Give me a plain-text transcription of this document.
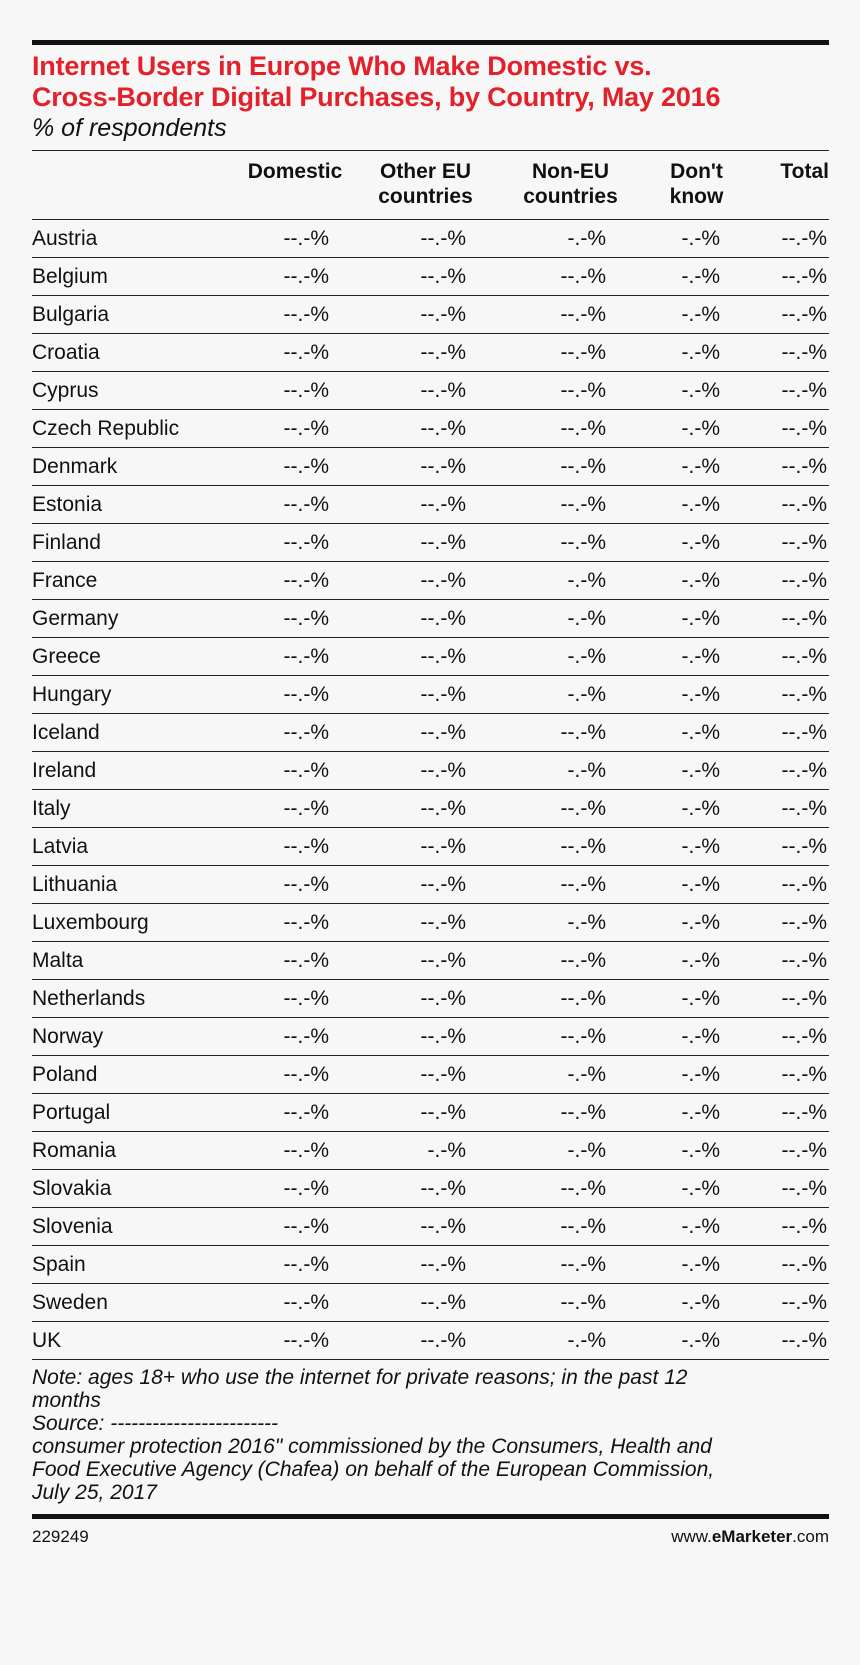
Internet Users in Europe Who Make Domestic vs.
Cross-Border Digital Purchases, by Country, May 2016
% of respondents
	Domestic	Other EU
countries	Non-EU
countries	Don't
know	Total

Austria	--.-%	--.-%	-.-%	-.-%	--.-%
Belgium	--.-%	--.-%	--.-%	-.-%	--.-%
Bulgaria	--.-%	--.-%	--.-%	-.-%	--.-%
Croatia	--.-%	--.-%	--.-%	-.-%	--.-%
Cyprus	--.-%	--.-%	--.-%	-.-%	--.-%
Czech Republic	--.-%	--.-%	--.-%	-.-%	--.-%
Denmark	--.-%	--.-%	--.-%	-.-%	--.-%
Estonia	--.-%	--.-%	--.-%	-.-%	--.-%
Finland	--.-%	--.-%	--.-%	-.-%	--.-%
France	--.-%	--.-%	-.-%	-.-%	--.-%
Germany	--.-%	--.-%	-.-%	-.-%	--.-%
Greece	--.-%	--.-%	-.-%	-.-%	--.-%
Hungary	--.-%	--.-%	-.-%	-.-%	--.-%
Iceland	--.-%	--.-%	--.-%	-.-%	--.-%
Ireland	--.-%	--.-%	-.-%	-.-%	--.-%
Italy	--.-%	--.-%	--.-%	-.-%	--.-%
Latvia	--.-%	--.-%	--.-%	-.-%	--.-%
Lithuania	--.-%	--.-%	--.-%	-.-%	--.-%
Luxembourg	--.-%	--.-%	-.-%	-.-%	--.-%
Malta	--.-%	--.-%	--.-%	-.-%	--.-%
Netherlands	--.-%	--.-%	--.-%	-.-%	--.-%
Norway	--.-%	--.-%	--.-%	-.-%	--.-%
Poland	--.-%	--.-%	-.-%	-.-%	--.-%
Portugal	--.-%	--.-%	--.-%	-.-%	--.-%
Romania	--.-%	-.-%	-.-%	-.-%	--.-%
Slovakia	--.-%	--.-%	--.-%	-.-%	--.-%
Slovenia	--.-%	--.-%	--.-%	-.-%	--.-%
Spain	--.-%	--.-%	--.-%	-.-%	--.-%
Sweden	--.-%	--.-%	--.-%	-.-%	--.-%
UK	--.-%	--.-%	-.-%	-.-%	--.-%
Note: ages 18+ who use the internet for private reasons; in the past 12
months
Source: ------------------------
consumer protection 2016" commissioned by the Consumers, Health and
Food Executive Agency (Chafea) on behalf of the European Commission,
July 25, 2017
229249	www.eMarketer.com
